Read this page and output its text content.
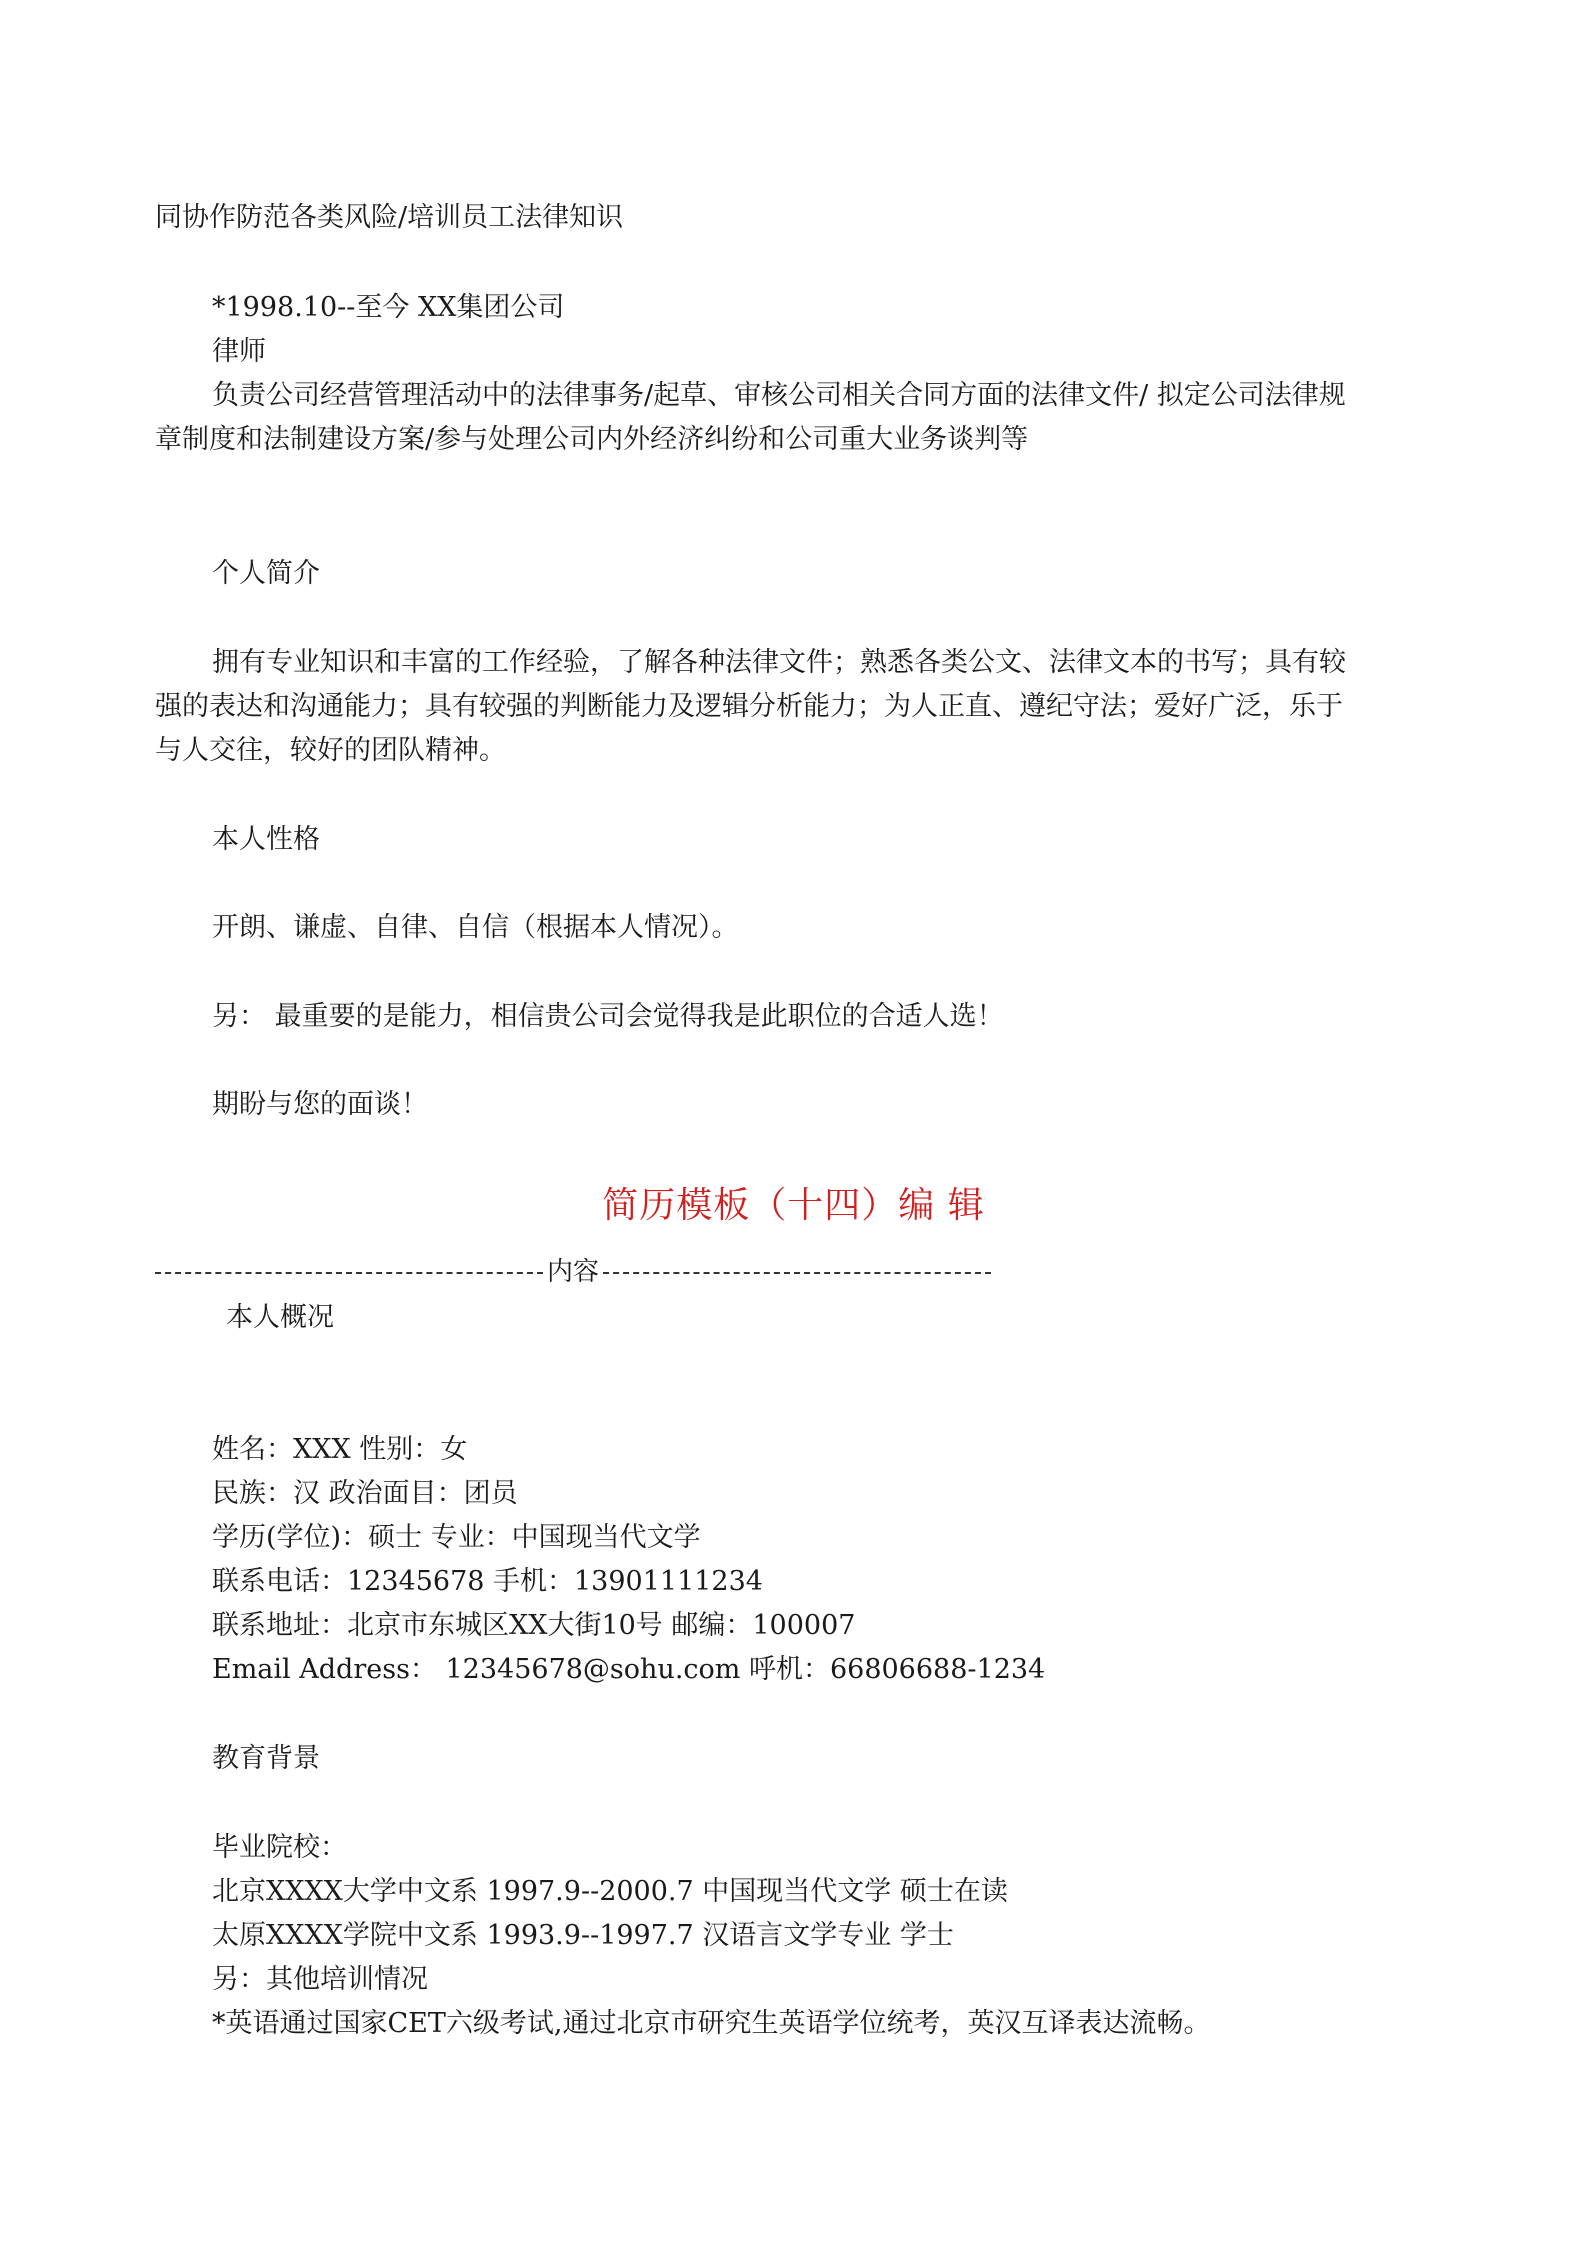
同协作防范各类风险/培训员工法律知识
*1998.10--至今 XX集团公司
律师
负责公司经营管理活动中的法律事务/起草、审核公司相关合同方面的法律文件/ 拟定公司法律规
章制度和法制建设方案/参与处理公司内外经济纠纷和公司重大业务谈判等
个人简介
拥有专业知识和丰富的工作经验，了解各种法律文件；熟悉各类公文、法律文本的书写；具有较
强的表达和沟通能力；具有较强的判断能力及逻辑分析能力；为人正直、遵纪守法；爱好广泛，乐于
与人交往，较好的团队精神。
本人性格
开朗、谦虚、自律、自信（根据本人情况）。
另： 最重要的是能力，相信贵公司会觉得我是此职位的合适人选！
期盼与您的面谈！
简历模板（十四）编 辑
内容
本人概况
姓名：XXX 性别：女
民族：汉 政治面目：团员
学历(学位)：硕士 专业：中国现当代文学
联系电话：12345678 手机：13901111234
联系地址：北京市东城区XX大街10号 邮编：100007
Email Address： 12345678@sohu.com 呼机：66806688-1234
教育背景
毕业院校：
北京XXXX大学中文系 1997.9--2000.7 中国现当代文学 硕士在读
太原XXXX学院中文系 1993.9--1997.7 汉语言文学专业 学士
另：其他培训情况
*英语通过国家CET六级考试,通过北京市研究生英语学位统考，英汉互译表达流畅。
